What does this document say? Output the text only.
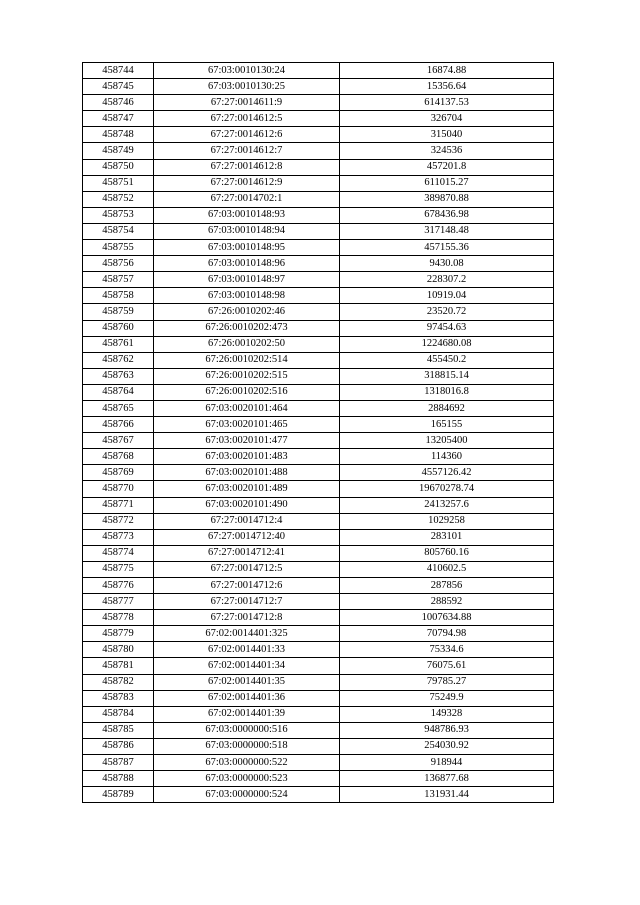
458744	67:03:0010130:24	16874.88
458745	67:03:0010130:25	15356.64
458746	67:27:0014611:9	614137.53
458747	67:27:0014612:5	326704
458748	67:27:0014612:6	315040
458749	67:27:0014612:7	324536
458750	67:27:0014612:8	457201.8
458751	67:27:0014612:9	611015.27
458752	67:27:0014702:1	389870.88
458753	67:03:0010148:93	678436.98
458754	67:03:0010148:94	317148.48
458755	67:03:0010148:95	457155.36
458756	67:03:0010148:96	9430.08
458757	67:03:0010148:97	228307.2
458758	67:03:0010148:98	10919.04
458759	67:26:0010202:46	23520.72
458760	67:26:0010202:473	97454.63
458761	67:26:0010202:50	1224680.08
458762	67:26:0010202:514	455450.2
458763	67:26:0010202:515	318815.14
458764	67:26:0010202:516	1318016.8
458765	67:03:0020101:464	2884692
458766	67:03:0020101:465	165155
458767	67:03:0020101:477	13205400
458768	67:03:0020101:483	114360
458769	67:03:0020101:488	4557126.42
458770	67:03:0020101:489	19670278.74
458771	67:03:0020101:490	2413257.6
458772	67:27:0014712:4	1029258
458773	67:27:0014712:40	283101
458774	67:27:0014712:41	805760.16
458775	67:27:0014712:5	410602.5
458776	67:27:0014712:6	287856
458777	67:27:0014712:7	288592
458778	67:27:0014712:8	1007634.88
458779	67:02:0014401:325	70794.98
458780	67:02:0014401:33	75334.6
458781	67:02:0014401:34	76075.61
458782	67:02:0014401:35	79785.27
458783	67:02:0014401:36	75249.9
458784	67:02:0014401:39	149328
458785	67:03:0000000:516	948786.93
458786	67:03:0000000:518	254030.92
458787	67:03:0000000:522	918944
458788	67:03:0000000:523	136877.68
458789	67:03:0000000:524	131931.44
